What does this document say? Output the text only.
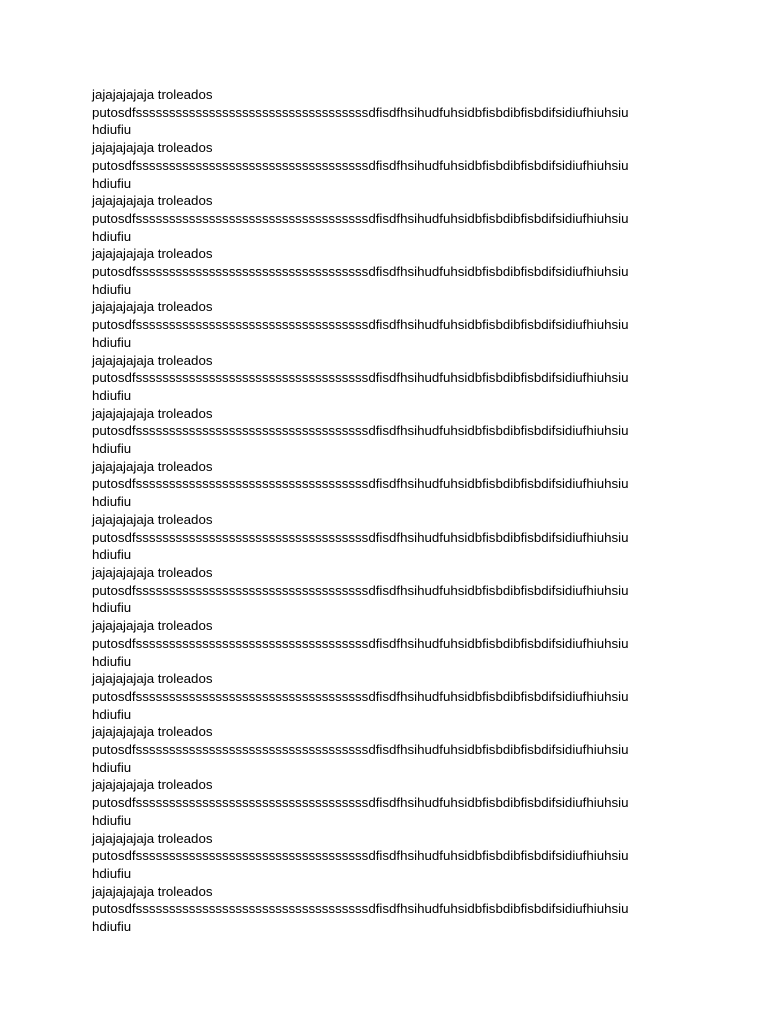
jajajajajaja troleados
putosdfsssssssssssssssssssssssssssssssssssdfisdfhsihudfuhsidbfisbdibfisbdifsidiufhiuhsiu
hdiufiu
jajajajajaja troleados
putosdfsssssssssssssssssssssssssssssssssssdfisdfhsihudfuhsidbfisbdibfisbdifsidiufhiuhsiu
hdiufiu
jajajajajaja troleados
putosdfsssssssssssssssssssssssssssssssssssdfisdfhsihudfuhsidbfisbdibfisbdifsidiufhiuhsiu
hdiufiu
jajajajajaja troleados
putosdfsssssssssssssssssssssssssssssssssssdfisdfhsihudfuhsidbfisbdibfisbdifsidiufhiuhsiu
hdiufiu
jajajajajaja troleados
putosdfsssssssssssssssssssssssssssssssssssdfisdfhsihudfuhsidbfisbdibfisbdifsidiufhiuhsiu
hdiufiu
jajajajajaja troleados
putosdfsssssssssssssssssssssssssssssssssssdfisdfhsihudfuhsidbfisbdibfisbdifsidiufhiuhsiu
hdiufiu
jajajajajaja troleados
putosdfsssssssssssssssssssssssssssssssssssdfisdfhsihudfuhsidbfisbdibfisbdifsidiufhiuhsiu
hdiufiu
jajajajajaja troleados
putosdfsssssssssssssssssssssssssssssssssssdfisdfhsihudfuhsidbfisbdibfisbdifsidiufhiuhsiu
hdiufiu
jajajajajaja troleados
putosdfsssssssssssssssssssssssssssssssssssdfisdfhsihudfuhsidbfisbdibfisbdifsidiufhiuhsiu
hdiufiu
jajajajajaja troleados
putosdfsssssssssssssssssssssssssssssssssssdfisdfhsihudfuhsidbfisbdibfisbdifsidiufhiuhsiu
hdiufiu
jajajajajaja troleados
putosdfsssssssssssssssssssssssssssssssssssdfisdfhsihudfuhsidbfisbdibfisbdifsidiufhiuhsiu
hdiufiu
jajajajajaja troleados
putosdfsssssssssssssssssssssssssssssssssssdfisdfhsihudfuhsidbfisbdibfisbdifsidiufhiuhsiu
hdiufiu
jajajajajaja troleados
putosdfsssssssssssssssssssssssssssssssssssdfisdfhsihudfuhsidbfisbdibfisbdifsidiufhiuhsiu
hdiufiu
jajajajajaja troleados
putosdfsssssssssssssssssssssssssssssssssssdfisdfhsihudfuhsidbfisbdibfisbdifsidiufhiuhsiu
hdiufiu
jajajajajaja troleados
putosdfsssssssssssssssssssssssssssssssssssdfisdfhsihudfuhsidbfisbdibfisbdifsidiufhiuhsiu
hdiufiu
jajajajajaja troleados
putosdfsssssssssssssssssssssssssssssssssssdfisdfhsihudfuhsidbfisbdibfisbdifsidiufhiuhsiu
hdiufiu
